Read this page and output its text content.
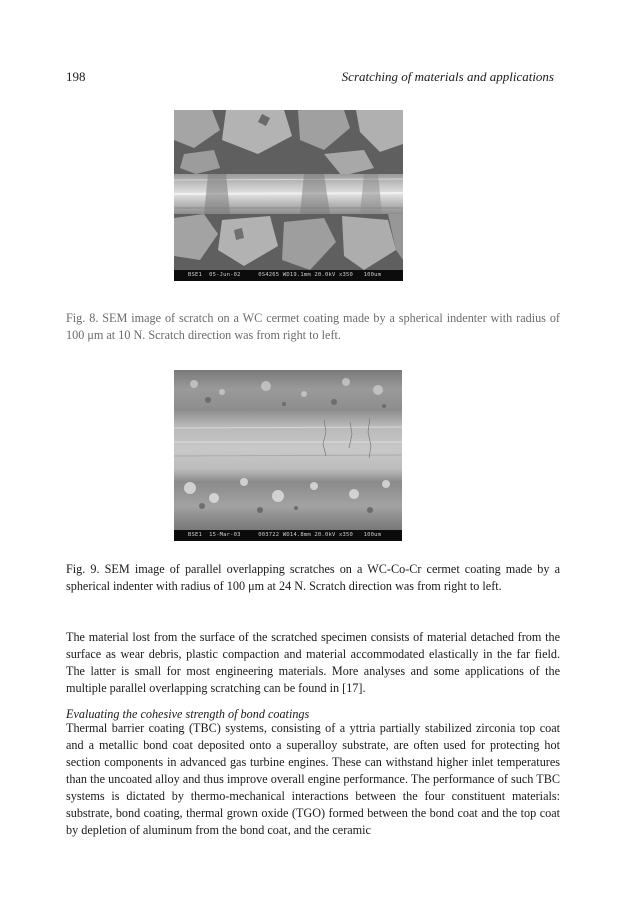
198	Scratching of materials and applications
BSE1  05-Jun-02     0S4265 WD19.1mm 20.0kV x350   100um

Fig. 8. SEM image of scratch on a WC cermet coating made by a spherical indenter with radius of 100 μm at 10 N. Scratch direction was from right to left.

BSE1  15-Mar-03     003722 WD14.8mm 20.0kV x350   100um

Fig. 9. SEM image of parallel overlapping scratches on a WC-Co-Cr cermet coating made by a spherical indenter with radius of 100 μm at 24 N. Scratch direction was from right to left.

The material lost from the surface of the scratched specimen consists of material detached from the surface as wear debris, plastic compaction and material accommodated elastically in the far field. The latter is small for most engineering materials. More analyses and some applications of the multiple parallel overlapping scratching can be found in [17].

Evaluating the cohesive strength of bond coatings

Thermal barrier coating (TBC) systems, consisting of a yttria partially stabilized zirconia top coat and a metallic bond coat deposited onto a superalloy substrate, are often used for protecting hot section components in advanced gas turbine engines. These can withstand higher inlet temperatures than the uncoated alloy and thus improve overall engine performance. The performance of such TBC systems is dictated by thermo-mechanical interactions between the four constituent materials: substrate, bond coating, thermal grown oxide (TGO) formed between the bond coat and the top coat by depletion of aluminum from the bond coat, and the ceramic
